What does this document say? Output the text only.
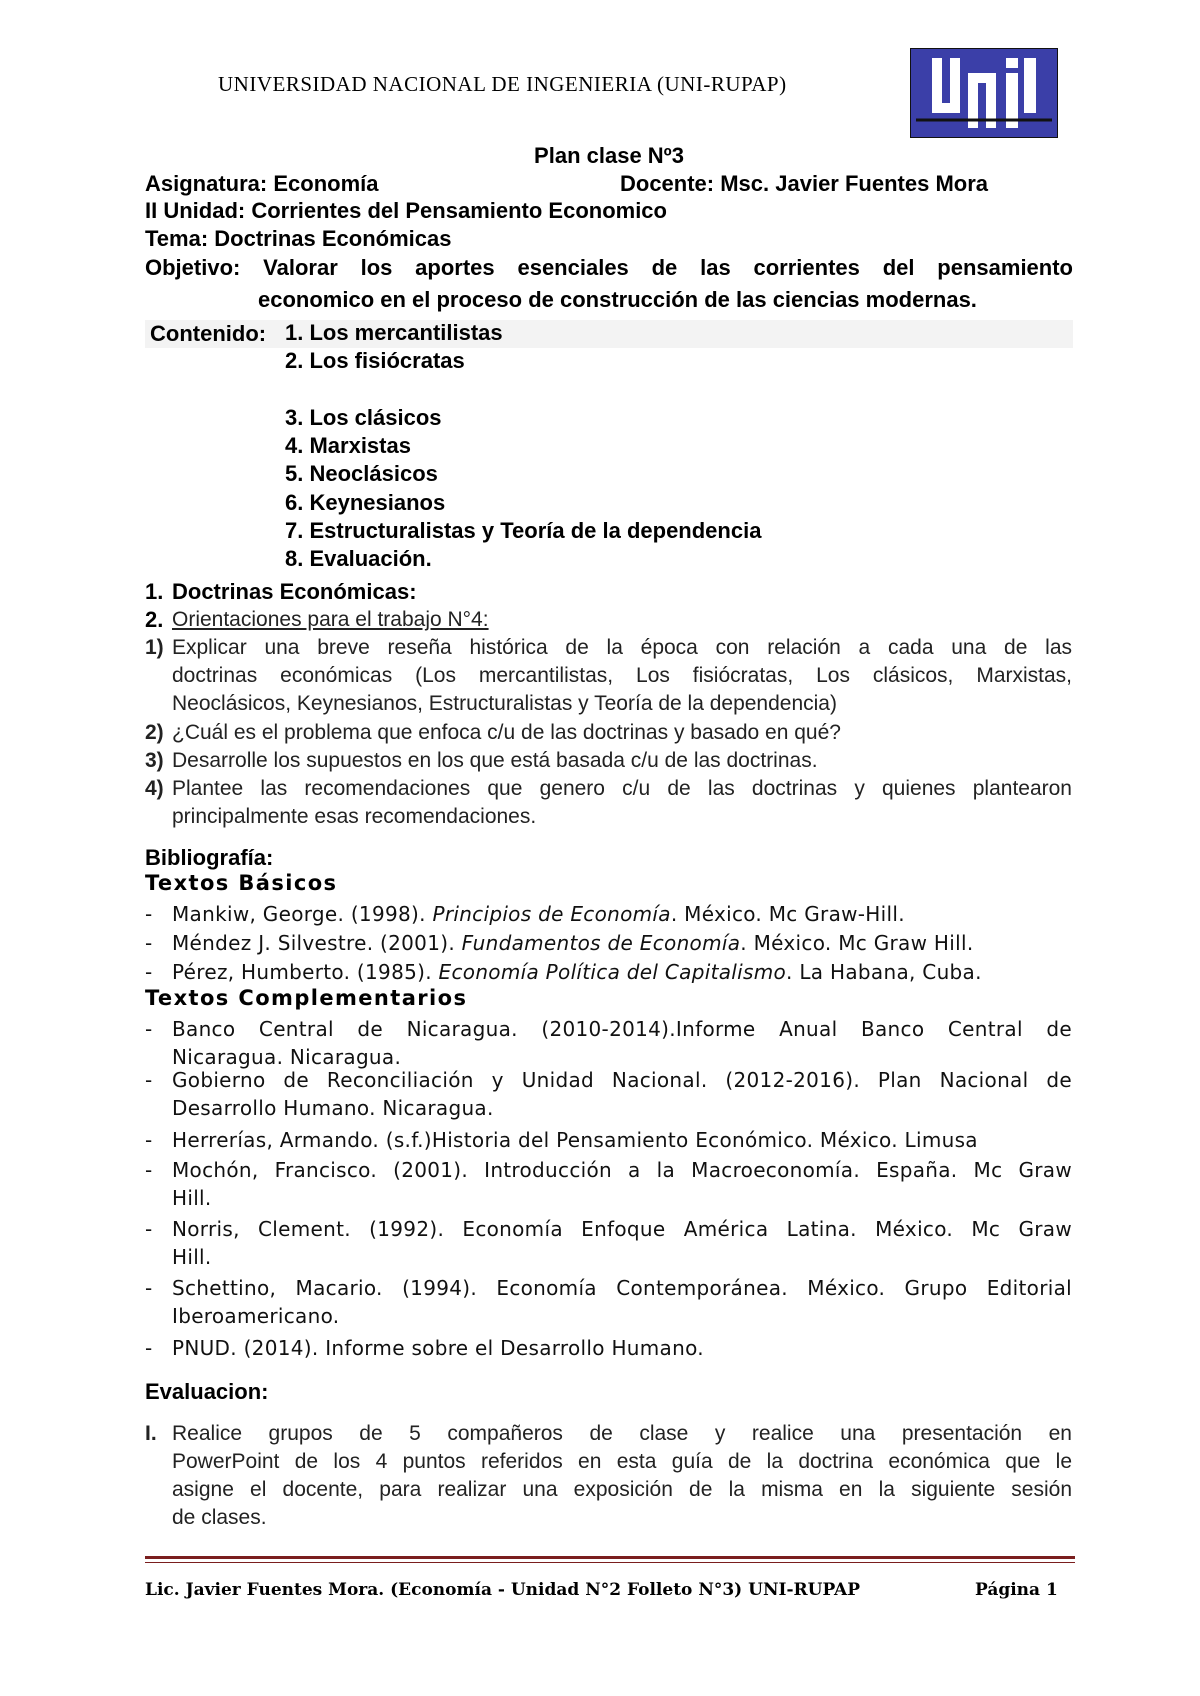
UNIVERSIDAD NACIONAL DE INGENIERIA (UNI-RUPAP)
Plan clase Nº3
Asignatura: Economía	Docente: Msc. Javier Fuentes Mora
II Unidad: Corrientes del Pensamiento Economico
Tema: Doctrinas Económicas
Objetivo: Valorar los aportes esenciales de las corrientes del pensamiento
economico en el proceso de construcción de las ciencias modernas.
Contenido: 1. Los mercantilistas
2. Los fisiócratas
3. Los clásicos
4. Marxistas
5. Neoclásicos
6. Keynesianos
7. Estructuralistas y Teoría de la dependencia
8. Evaluación.
1. Doctrinas Económicas:
2. Orientaciones para el trabajo N°4:
1) Explicar una breve reseña histórica de la época con relación a cada una de las
doctrinas económicas (Los mercantilistas, Los fisiócratas, Los clásicos, Marxistas,
Neoclásicos, Keynesianos, Estructuralistas y Teoría de la dependencia)
2) ¿Cuál es el problema que enfoca c/u de las doctrinas y basado en qué?
3) Desarrolle los supuestos en los que está basada c/u de las doctrinas.
4) Plantee las recomendaciones que genero c/u de las doctrinas y quienes plantearon
principalmente esas recomendaciones.
Bibliografía:
Textos Básicos
- Mankiw, George. (1998). Principios de Economía. México. Mc Graw-Hill.
- Méndez J. Silvestre. (2001). Fundamentos de Economía. México. Mc Graw Hill.
- Pérez, Humberto. (1985). Economía Política del Capitalismo. La Habana, Cuba.
Textos Complementarios
- Banco Central de Nicaragua. (2010-2014).Informe Anual Banco Central de
Nicaragua. Nicaragua.
- Gobierno de Reconciliación y Unidad Nacional. (2012-2016). Plan Nacional de
Desarrollo Humano. Nicaragua.
- Herrerías, Armando. (s.f.)Historia del Pensamiento Económico. México. Limusa
- Mochón, Francisco. (2001). Introducción a la Macroeconomía. España. Mc Graw
Hill.
- Norris, Clement. (1992). Economía Enfoque América Latina. México. Mc Graw
Hill.
- Schettino, Macario. (1994). Economía Contemporánea. México. Grupo Editorial
Iberoamericano.
- PNUD. (2014). Informe sobre el Desarrollo Humano.
Evaluacion:
I. Realice grupos de 5 compañeros de clase y realice una presentación en
PowerPoint de los 4 puntos referidos en esta guía de la doctrina económica que le
asigne el docente, para realizar una exposición de la misma en la siguiente sesión
de clases.
Lic. Javier Fuentes Mora. (Economía - Unidad N°2 Folleto N°3) UNI-RUPAP	Página 1
